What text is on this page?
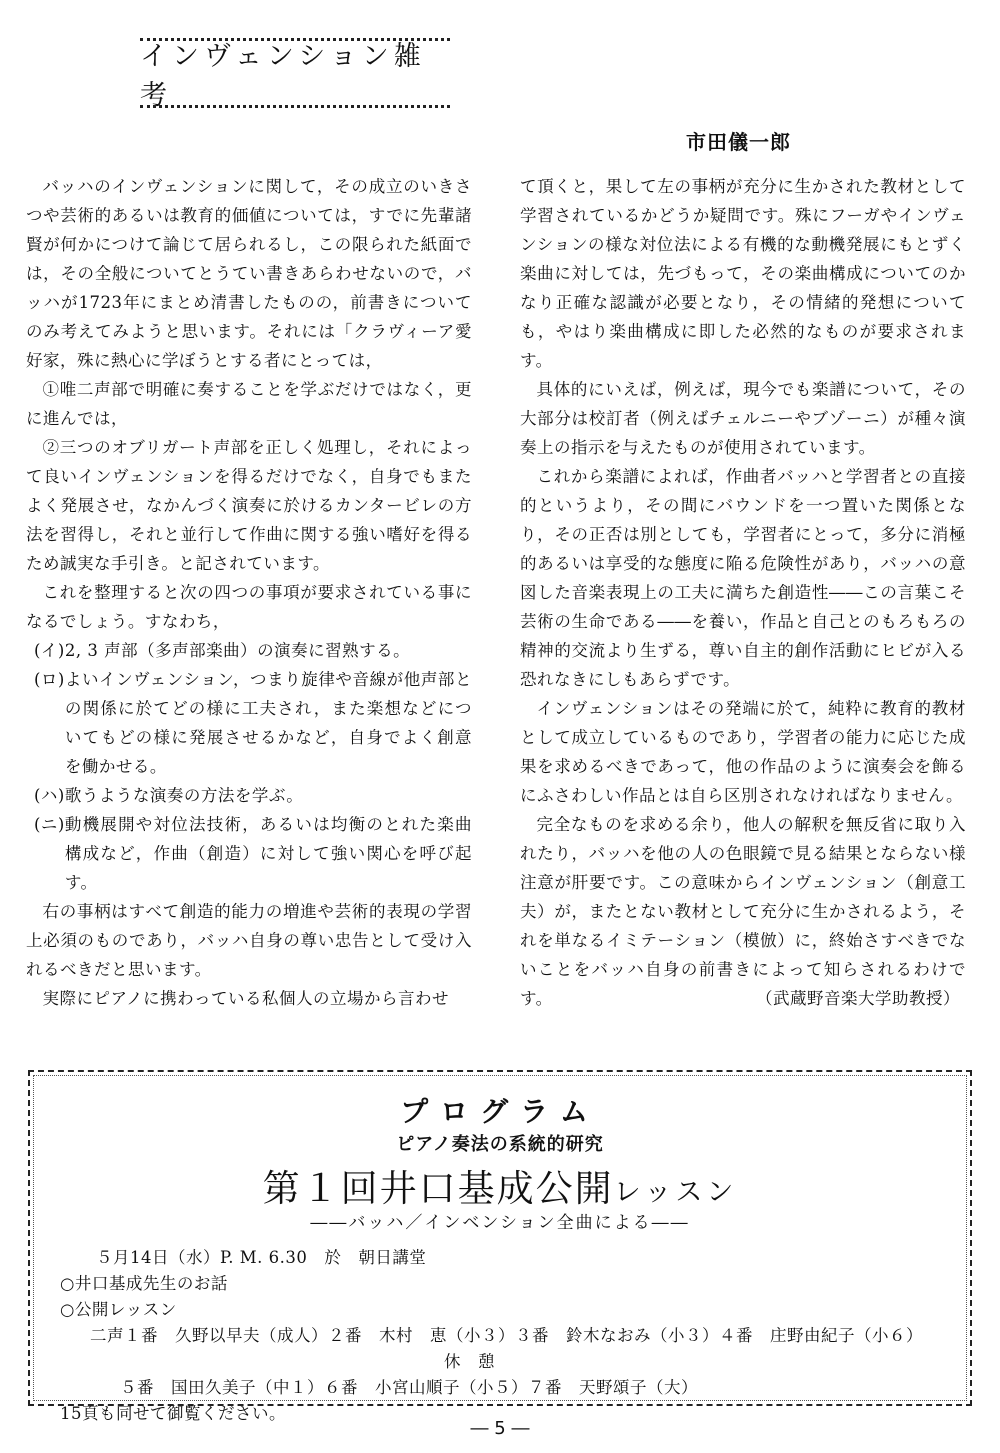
インヴェンション雑考
市田儀一郎

バッハのインヴェンションに関して，その成立のいきさつや芸術的あるいは教育的価値については，すでに先輩諸賢が何かにつけて論じて居られるし，この限られた紙面では，その全般についてとうてい書きあらわせないので，バッハが1723年にまとめ清書したものの，前書きについてのみ考えてみようと思います。それには「クラヴィーア愛好家，殊に熱心に学ぼうとする者にとっては，

①唯二声部で明確に奏することを学ぶだけではなく，更に進んでは，

②三つのオブリガート声部を正しく処理し，それによって良いインヴェンションを得るだけでなく，自身でもまたよく発展させ，なかんづく演奏に於けるカンタービレの方法を習得し，それと並行して作曲に関する強い嗜好を得るため誠実な手引き。と記されています。

これを整理すると次の四つの事項が要求されている事になるでしょう。すなわち，

(イ) 2, 3 声部（多声部楽曲）の演奏に習熟する。
(ロ) よいインヴェンション，つまり旋律や音線が他声部との関係に於てどの様に工夫され，また楽想などについてもどの様に発展させるかなど，自身でよく創意を働かせる。
(ハ) 歌うような演奏の方法を学ぶ。
(ニ) 動機展開や対位法技術，あるいは均衡のとれた楽曲構成など，作曲（創造）に対して強い関心を呼び起す。

右の事柄はすべて創造的能力の増進や芸術的表現の学習上必須のものであり，バッハ自身の尊い忠告として受け入れるべきだと思います。

実際にピアノに携わっている私個人の立場から言わせ

て頂くと，果して左の事柄が充分に生かされた教材として学習されているかどうか疑問です。殊にフーガやインヴェンションの様な対位法による有機的な動機発展にもとずく楽曲に対しては，先づもって，その楽曲構成についてのかなり正確な認識が必要となり，その情緒的発想についても，やはり楽曲構成に即した必然的なものが要求されます。

具体的にいえば，例えば，現今でも楽譜について，その大部分は校訂者（例えばチェルニーやブゾーニ）が種々演奏上の指示を与えたものが使用されています。

これから楽譜によれば，作曲者バッハと学習者との直接的というより，その間にバウンドを一つ置いた関係となり，その正否は別としても，学習者にとって，多分に消極的あるいは享受的な態度に陥る危険性があり，バッハの意図した音楽表現上の工夫に満ちた創造性――この言葉こそ芸術の生命である――を養い，作品と自己とのもろもろの精神的交流より生ずる，尊い自主的創作活動にヒビが入る恐れなきにしもあらずです。

インヴェンションはその発端に於て，純粋に教育的教材として成立しているものであり，学習者の能力に応じた成果を求めるべきであって，他の作品のように演奏会を飾るにふさわしい作品とは自ら区別されなければなりません。

完全なものを求める余り，他人の解釈を無反省に取り入れたり，バッハを他の人の色眼鏡で見る結果とならない様注意が肝要です。この意味からインヴェンション（創意工夫）が，またとない教材として充分に生かされるよう，それを単なるイミテーション（模倣）に，終始さすべきでないことをバッハ自身の前書きによって知らされるわけです。	（武蔵野音楽大学助教授）

プログラム
ピアノ奏法の系統的研究
第１回井口基成公開レッスン
――バッハ／インベンション全曲による――
５月14日（水）P. M. 6.30　於　朝日講堂
○井口基成先生のお話
○公開レッスン
二声１番　久野以早夫（成人）２番　木村　恵（小３）３番　鈴木なおみ（小３）４番　庄野由紀子（小６）
休　憩
５番　国田久美子（中１）６番　小宮山順子（小５）７番　天野頌子（大）
15頁も同せて御覧ください。
― 5 ―
